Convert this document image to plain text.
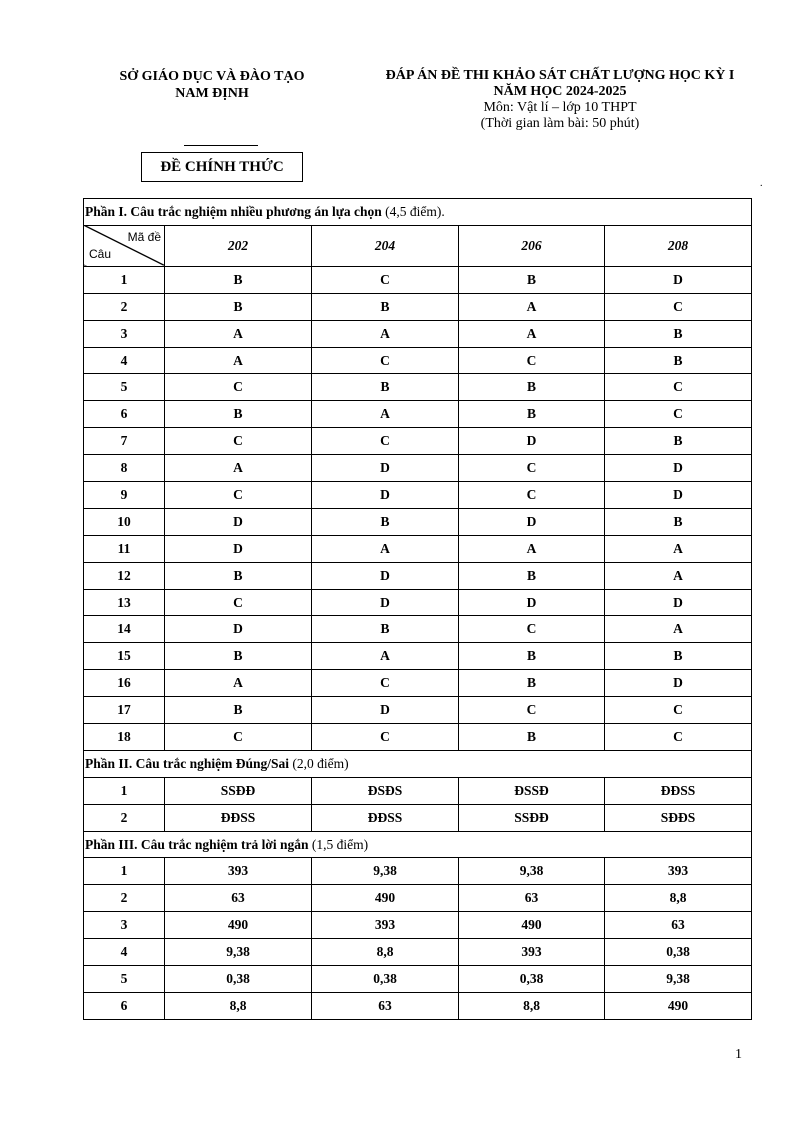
SỞ GIÁO DỤC VÀ ĐÀO TẠO
NAM ĐỊNH
ĐÁP ÁN ĐỀ THI KHẢO SÁT CHẤT LƯỢNG HỌC KỲ I
NĂM HỌC 2024-2025
Môn: Vật lí – lớp 10 THPT
(Thời gian làm bài: 50 phút)
ĐỀ CHÍNH THỨC
.
Phần I. Câu trắc nghiệm nhiều phương án lựa chọn (4,5 điểm).				

Mã đề
Câu	202	204	206	208
1	B	C	B	D
2	B	B	A	C
3	A	A	A	B
4	A	C	C	B
5	C	B	B	C
6	B	A	B	C
7	C	C	D	B
8	A	D	C	D
9	C	D	C	D
10	D	B	D	B
11	D	A	A	A
12	B	D	B	A
13	C	D	D	D
14	D	B	C	A
15	B	A	B	B
16	A	C	B	D
17	B	D	C	C
18	C	C	B	C
Phần II. Câu trắc nghiệm Đúng/Sai (2,0 điểm)				
1	SSĐĐ	ĐSĐS	ĐSSĐ	ĐĐSS
2	ĐĐSS	ĐĐSS	SSĐĐ	SĐĐS
Phần III. Câu trắc nghiệm trả lời ngắn (1,5 điểm)				
1	393	9,38	9,38	393
2	63	490	63	8,8
3	490	393	490	63
4	9,38	8,8	393	0,38
5	0,38	0,38	0,38	9,38
6	8,8	63	8,8	490
1
